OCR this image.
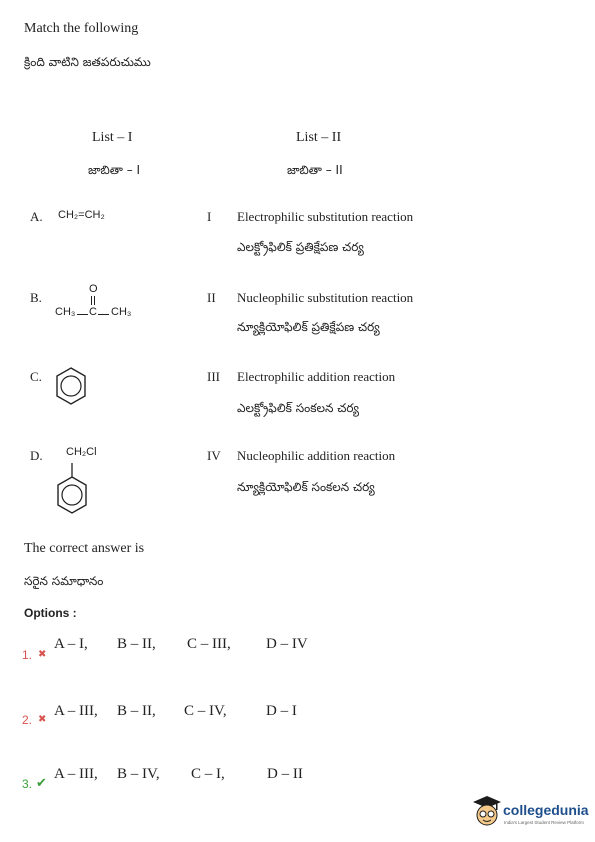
Match the following
క్రింది వాటిని జతపరుచుము
List – I
జాబితా – I
List – II
జాబితా – II
A. CH₂=CH₂
B.
O
CH₃ C CH₃
C.
D. CH₂Cl
I Electrophilic substitution reaction
ఎలక్ట్రోఫిలిక్ ప్రతిక్షేపణ చర్య
II Nucleophilic substitution reaction
న్యూక్లియోఫిలిక్ ప్రతిక్షేపణ చర్య
III Electrophilic addition reaction
ఎలక్ట్రోఫిలిక్ సంకలన చర్య
IV Nucleophilic addition reaction
న్యూక్లియోఫిలిక్ సంకలన చర్య
The correct answer is
సరైన సమాధానం
Options :
1. ✖
A – I, B – II, C – III, D – IV
2. ✖
A – III, B – II, C – IV,	D – I
3. ✔
A – III, B – IV, C – I,	D – II
collegedunia
India's Largest Student Review Platform
